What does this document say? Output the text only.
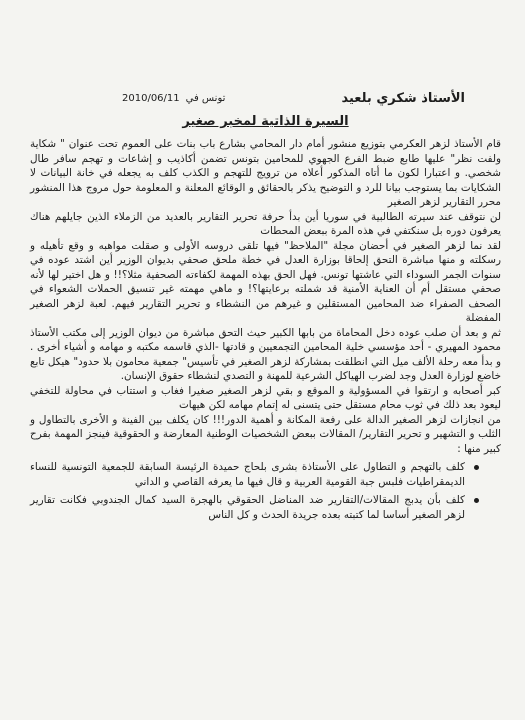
الأستاذ شكري بلعيد
تونس في
2010/06/11
السيرة الذاتية لمخبر صغير

قام الأستاذ لزهر العكرمي بتوزيع منشور أمام دار المحامي بشارع باب بنات على العموم تحت عنوان " شكاية ولفت نظر" عليها طابع ضبط الفرع الجهوي للمحامين بتونس تضمن أكاذيب و إشاعات و تهجم سافر طال شخصي. و اعتبارا لكون ما أتاه المذكور أعلاه من ترويج للتهجم و الكذب كلف به يجعله في خانة البيانات لا الشكايات بما يستوجب بيانا للرد و التوضيح يذكر بالحقائق و الوقائع المعلنة و المعلومة حول مروج هذا المنشور محرر التقارير لزهر الصغير

لن نتوقف عند سيرته الطالبية في سوريا أين بدأ حرفة تحرير التقارير بالعديد من الزملاء الذين جايلهم هناك يعرفون دوره بل سنكتفي في هذه المرة ببعض المحطات

لقد نما لزهر الصغير في أحضان مجلة "الملاحظ" فيها تلقى دروسه الأولى و صقلت مواهبه و وقع تأهيله و رسكلته و منها مباشرة التحق إلحاقا بوزارة العدل في خطة ملحق صحفي بديوان الوزير أين اشتد عوده في سنوات الجمر السوداء التي عاشتها تونس. فهل الحق بهذه المهمة لكفاءته الصحفية مثلا؟!! و هل اختير لها لأنه صحفي مستقل أم أن العناية الأمنية قد شملته برعايتها؟! و ماهي مهمته غير تنسيق الحملات الشعواء في الصحف الصفراء ضد المحامين المستقلين و غيرهم من النشطاء و تحرير التقارير فيهم. لعبة لزهر الصغير المفضلة

ثم و بعد أن صلب عوده دخل المحاماة من بابها الكبير حيث التحق مباشرة من ديوان الوزير إلى مكتب الأستاذ محمود المهيري - أحد مؤسسي خلية المحامين التجمعيين و قادتها -الذي قاسمه مكتبه و مهامه و أشياء أخرى . و بدأ معه رحلة الألف ميل التي انطلقت بمشاركة لزهر الصغير في تأسيس" جمعية محامون بلا حدود" هيكل تابع خاضع لوزارة العدل وجد لضرب الهياكل الشرعية للمهنة و التصدي لنشطاء حقوق الإنسان.

كبر أصحابه و ارتقوا في المسؤولية و الموقع و بقي لزهر الصغير صغيرا فغاب و استتاب في محاولة للتخفي ليعود بعد ذلك في ثوب محام مستقل حتى يتسنى له إتمام مهامه لكن هيهات

من انجازات لزهر الصغير الدالة على رفعة المكانة و أهمية الدور!!! كان يكلف بين الفينة و الأخرى بالتطاول و الثلب و التشهير و تحرير التقارير/ المقالات ببعض الشخصيات الوطنية المعارضة و الحقوقية فينجز المهمة بفرح كبير منها :

كلف بالتهجم و التطاول على الأستاذة بشرى بلحاج حميدة الرئيسة السابقة للجمعية التونسية للنساء الديمقراطيات فلبس جبة القومية العربية و قال فيها ما يعرفه القاصي و الداني
كلف بأن يدبج المقالات/التقارير ضد المناضل الحقوقي بالهجرة السيد كمال الجندوبي فكانت تقارير لزهر الصغير أساسا لما كتبته بعده جريدة الحدث و كل الناس
